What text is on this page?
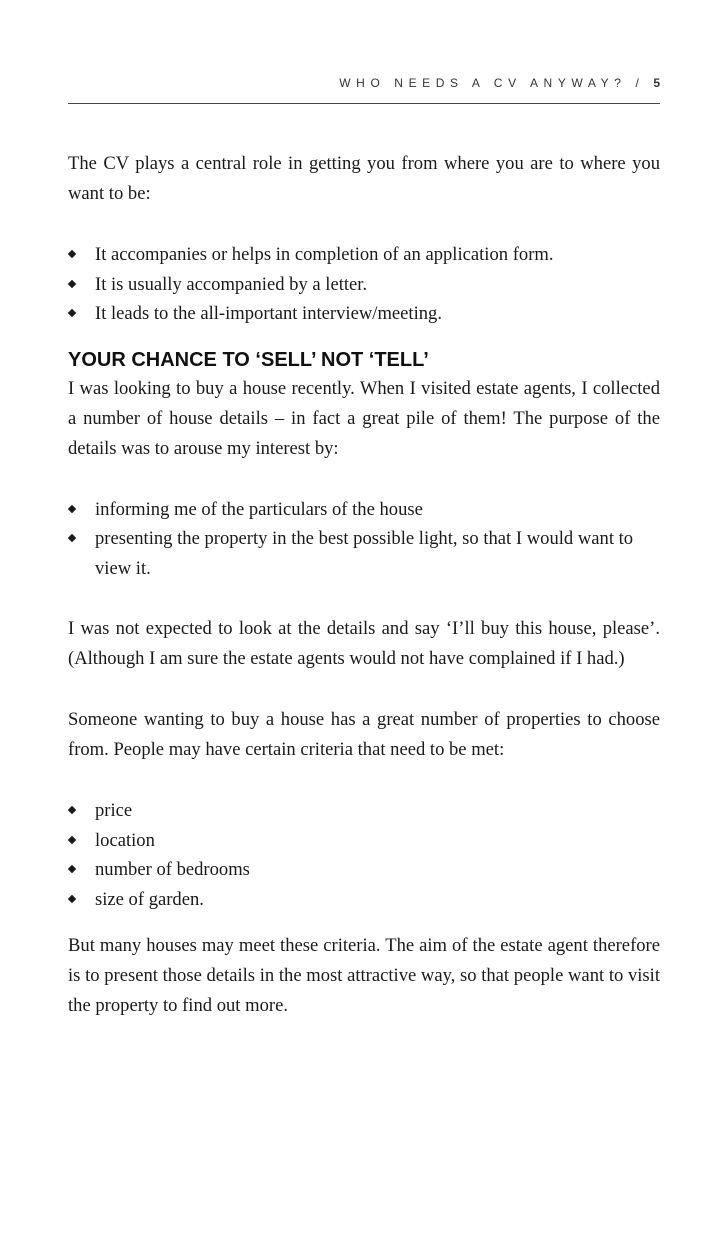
WHO NEEDS A CV ANYWAY? / 5

The CV plays a central role in getting you from where you are to where you want to be:

It accompanies or helps in completion of an application form.
It is usually accompanied by a letter.
It leads to the all-important interview/meeting.
YOUR CHANCE TO ‘SELL’ NOT ‘TELL’

I was looking to buy a house recently. When I visited estate agents, I collected a number of house details – in fact a great pile of them! The purpose of the details was to arouse my interest by:

informing me of the particulars of the house
presenting the property in the best possible light, so that I would want to view it.

I was not expected to look at the details and say ‘I’ll buy this house, please’. (Although I am sure the estate agents would not have complained if I had.)

Someone wanting to buy a house has a great number of properties to choose from. People may have certain criteria that need to be met:

price
location
number of bedrooms
size of garden.

But many houses may meet these criteria. The aim of the estate agent therefore is to present those details in the most attractive way, so that people want to visit the property to find out more.
